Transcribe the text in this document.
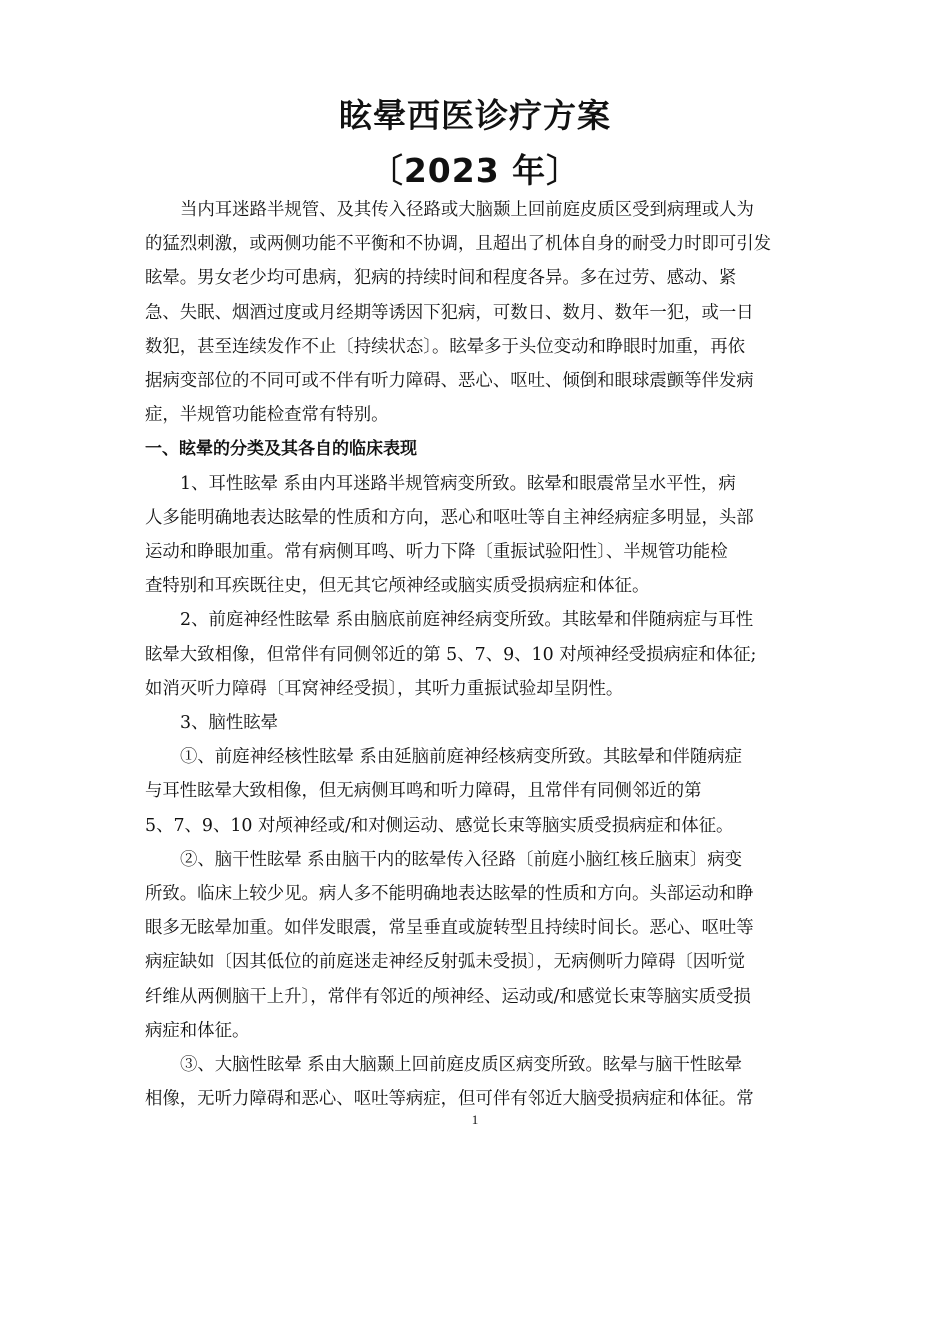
眩晕西医诊疗方案
〔2023 年〕

当内耳迷路半规管、及其传入径路或大脑颞上回前庭皮质区受到病理或人为
的猛烈刺激，或两侧功能不平衡和不协调，且超出了机体自身的耐受力时即可引发
眩晕。男女老少均可患病，犯病的持续时间和程度各异。多在过劳、感动、紧
急、失眠、烟酒过度或月经期等诱因下犯病，可数日、数月、数年一犯，或一日
数犯，甚至连续发作不止〔持续状态〕。眩晕多于头位变动和睁眼时加重，再依
据病变部位的不同可或不伴有听力障碍、恶心、呕吐、倾倒和眼球震颤等伴发病
症，半规管功能检查常有特别。

一、眩晕的分类及其各自的临床表现

1、耳性眩晕 系由内耳迷路半规管病变所致。眩晕和眼震常呈水平性，病
人多能明确地表达眩晕的性质和方向，恶心和呕吐等自主神经病症多明显，头部
运动和睁眼加重。常有病侧耳鸣、听力下降〔重振试验阳性〕、半规管功能检
查特别和耳疾既往史，但无其它颅神经或脑实质受损病症和体征。

2、前庭神经性眩晕 系由脑底前庭神经病变所致。其眩晕和伴随病症与耳性
眩晕大致相像，但常伴有同侧邻近的第 5、7、9、10 对颅神经受损病症和体征;
如消灭听力障碍〔耳窝神经受损〕，其听力重振试验却呈阴性。

3、脑性眩晕

①、前庭神经核性眩晕 系由延脑前庭神经核病变所致。其眩晕和伴随病症
与耳性眩晕大致相像，但无病侧耳鸣和听力障碍，且常伴有同侧邻近的第
5、7、9、10 对颅神经或/和对侧运动、感觉长束等脑实质受损病症和体征。

②、脑干性眩晕 系由脑干内的眩晕传入径路〔前庭小脑红核丘脑束〕病变
所致。临床上较少见。病人多不能明确地表达眩晕的性质和方向。头部运动和睁
眼多无眩晕加重。如伴发眼震，常呈垂直或旋转型且持续时间长。恶心、呕吐等
病症缺如〔因其低位的前庭迷走神经反射弧未受损〕，无病侧听力障碍〔因听觉
纤维从两侧脑干上升〕，常伴有邻近的颅神经、运动或/和感觉长束等脑实质受损
病症和体征。

③、大脑性眩晕 系由大脑颞上回前庭皮质区病变所致。眩晕与脑干性眩晕
相像，无听力障碍和恶心、呕吐等病症，但可伴有邻近大脑受损病症和体征。常

1
